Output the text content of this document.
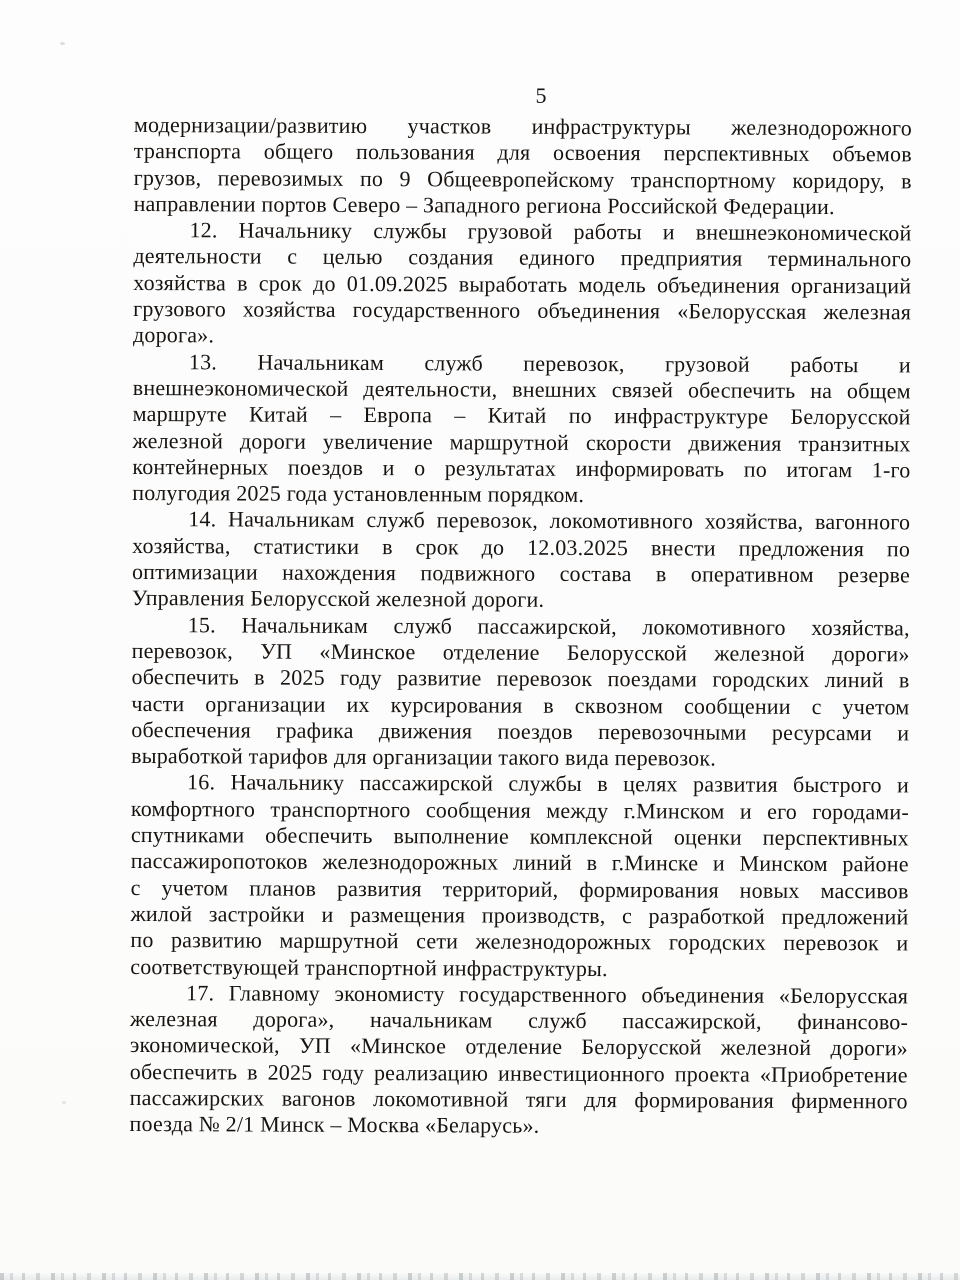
5
модернизации/развитию участков инфраструктуры железнодорожного
транспорта общего пользования для освоения перспективных объемов
грузов, перевозимых по 9 Общеевропейскому транспортному коридору, в
направлении портов Северо – Западного региона Российской Федерации.
12. Начальнику службы грузовой работы и внешнеэкономической
деятельности с целью создания единого предприятия терминального
хозяйства в срок до 01.09.2025 выработать модель объединения организаций
грузового хозяйства государственного объединения «Белорусская железная
дорога».
13. Начальникам служб перевозок, грузовой работы и
внешнеэкономической деятельности, внешних связей обеспечить на общем
маршруте Китай – Европа – Китай по инфраструктуре Белорусской
железной дороги увеличение маршрутной скорости движения транзитных
контейнерных поездов и о результатах информировать по итогам 1-го
полугодия 2025 года установленным порядком.
14. Начальникам служб перевозок, локомотивного хозяйства, вагонного
хозяйства, статистики в срок до 12.03.2025 внести предложения по
оптимизации нахождения подвижного состава в оперативном резерве
Управления Белорусской железной дороги.
15. Начальникам служб пассажирской, локомотивного хозяйства,
перевозок, УП «Минское отделение Белорусской железной дороги»
обеспечить в 2025 году развитие перевозок поездами городских линий в
части организации их курсирования в сквозном сообщении с учетом
обеспечения графика движения поездов перевозочными ресурсами и
выработкой тарифов для организации такого вида перевозок.
16. Начальнику пассажирской службы в целях развития быстрого и
комфортного транспортного сообщения между г.Минском и его городами-
спутниками обеспечить выполнение комплексной оценки перспективных
пассажиропотоков железнодорожных линий в г.Минске и Минском районе
с учетом планов развития территорий, формирования новых массивов
жилой застройки и размещения производств, с разработкой предложений
по развитию маршрутной сети железнодорожных городских перевозок и
соответствующей транспортной инфраструктуры.
17. Главному экономисту государственного объединения «Белорусская
железная дорога», начальникам служб пассажирской, финансово-
экономической, УП «Минское отделение Белорусской железной дороги»
обеспечить в 2025 году реализацию инвестиционного проекта «Приобретение
пассажирских вагонов локомотивной тяги для формирования фирменного
поезда № 2/1 Минск – Москва «Беларусь».
